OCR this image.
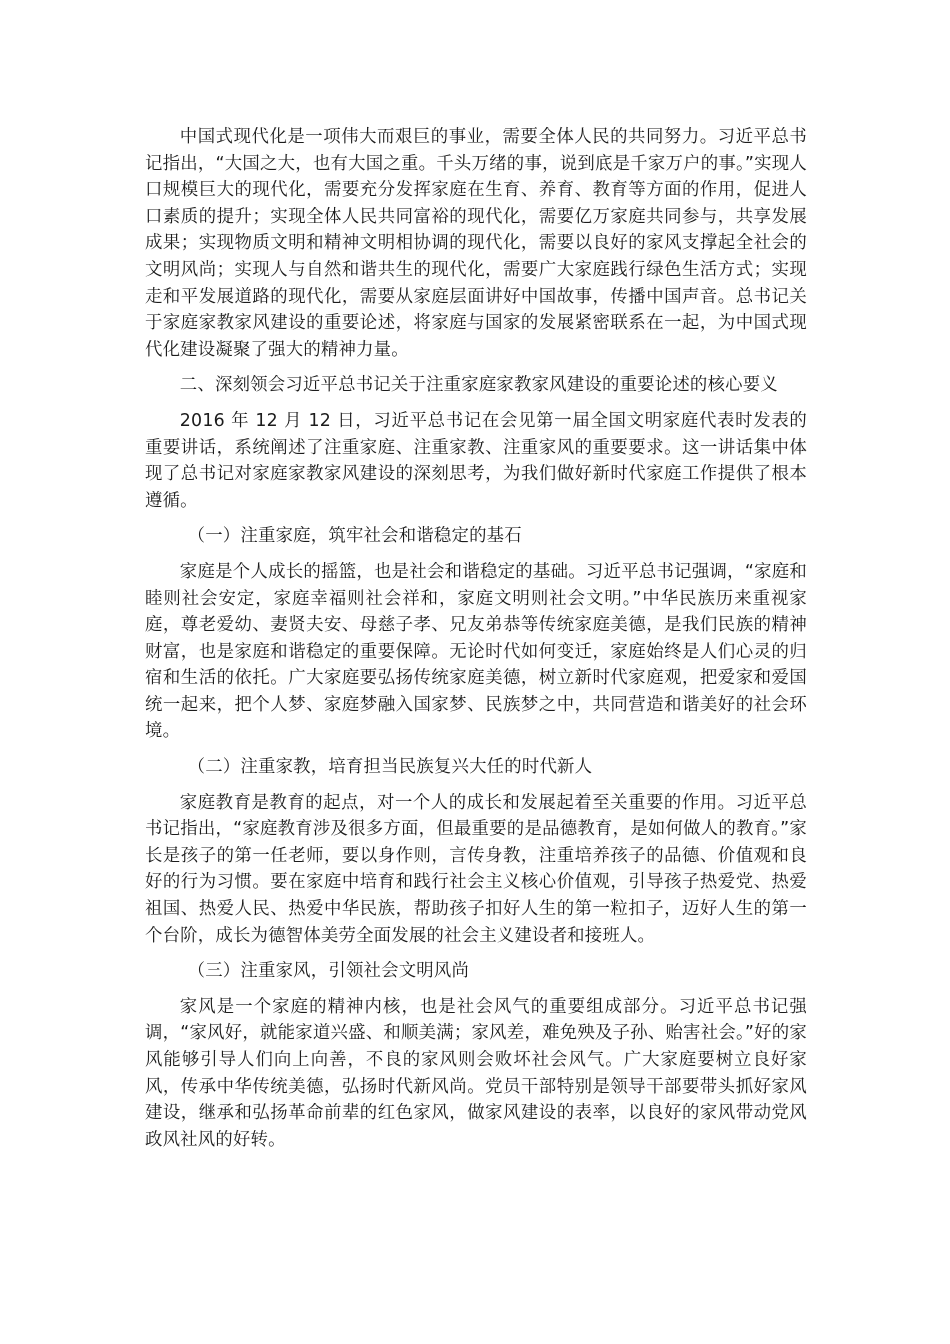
中国式现代化是一项伟大而艰巨的事业，需要全体人民的共同努力。习近平总书记指出，“大国之大，也有大国之重。千头万绪的事，说到底是千家万户的事。”实现人口规模巨大的现代化，需要充分发挥家庭在生育、养育、教育等方面的作用，促进人口素质的提升；实现全体人民共同富裕的现代化，需要亿万家庭共同参与，共享发展成果；实现物质文明和精神文明相协调的现代化，需要以良好的家风支撑起全社会的文明风尚；实现人与自然和谐共生的现代化，需要广大家庭践行绿色生活方式；实现走和平发展道路的现代化，需要从家庭层面讲好中国故事，传播中国声音。总书记关于家庭家教家风建设的重要论述，将家庭与国家的发展紧密联系在一起，为中国式现代化建设凝聚了强大的精神力量。

二、深刻领会习近平总书记关于注重家庭家教家风建设的重要论述的核心要义

2016 年 12 月 12 日，习近平总书记在会见第一届全国文明家庭代表时发表的重要讲话，系统阐述了注重家庭、注重家教、注重家风的重要要求。这一讲话集中体现了总书记对家庭家教家风建设的深刻思考，为我们做好新时代家庭工作提供了根本遵循。

（一）注重家庭，筑牢社会和谐稳定的基石

家庭是个人成长的摇篮，也是社会和谐稳定的基础。习近平总书记强调，“家庭和睦则社会安定，家庭幸福则社会祥和，家庭文明则社会文明。”中华民族历来重视家庭，尊老爱幼、妻贤夫安、母慈子孝、兄友弟恭等传统家庭美德，是我们民族的精神财富，也是家庭和谐稳定的重要保障。无论时代如何变迁，家庭始终是人们心灵的归宿和生活的依托。广大家庭要弘扬传统家庭美德，树立新时代家庭观，把爱家和爱国统一起来，把个人梦、家庭梦融入国家梦、民族梦之中，共同营造和谐美好的社会环境。

（二）注重家教，培育担当民族复兴大任的时代新人

家庭教育是教育的起点，对一个人的成长和发展起着至关重要的作用。习近平总书记指出，“家庭教育涉及很多方面，但最重要的是品德教育，是如何做人的教育。”家长是孩子的第一任老师，要以身作则，言传身教，注重培养孩子的品德、价值观和良好的行为习惯。要在家庭中培育和践行社会主义核心价值观，引导孩子热爱党、热爱祖国、热爱人民、热爱中华民族，帮助孩子扣好人生的第一粒扣子，迈好人生的第一个台阶，成长为德智体美劳全面发展的社会主义建设者和接班人。

（三）注重家风，引领社会文明风尚

家风是一个家庭的精神内核，也是社会风气的重要组成部分。习近平总书记强调，“家风好，就能家道兴盛、和顺美满；家风差，难免殃及子孙、贻害社会。”好的家风能够引导人们向上向善，不良的家风则会败坏社会风气。广大家庭要树立良好家风，传承中华传统美德，弘扬时代新风尚。党员干部特别是领导干部要带头抓好家风建设，继承和弘扬革命前辈的红色家风，做家风建设的表率，以良好的家风带动党风政风社风的好转。
